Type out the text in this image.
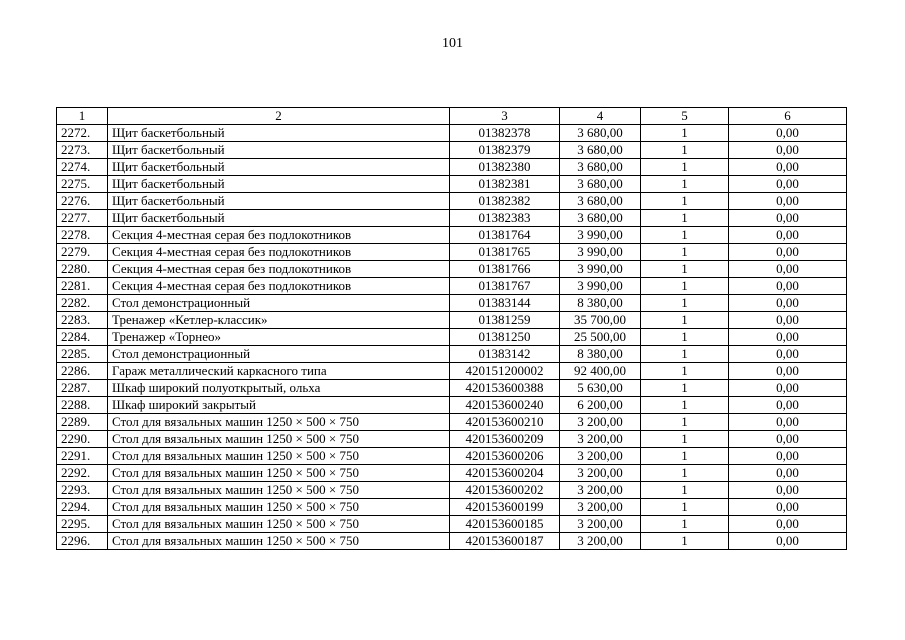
101
1	2	3	4	5	6
2272.	Щит баскетбольный	01382378	3 680,00	1	0,00
2273.	Щит баскетбольный	01382379	3 680,00	1	0,00
2274.	Щит баскетбольный	01382380	3 680,00	1	0,00
2275.	Щит баскетбольный	01382381	3 680,00	1	0,00
2276.	Щит баскетбольный	01382382	3 680,00	1	0,00
2277.	Щит баскетбольный	01382383	3 680,00	1	0,00
2278.	Секция 4-местная серая без подлокотников	01381764	3 990,00	1	0,00
2279.	Секция 4-местная серая без подлокотников	01381765	3 990,00	1	0,00
2280.	Секция 4-местная серая без подлокотников	01381766	3 990,00	1	0,00
2281.	Секция 4-местная серая без подлокотников	01381767	3 990,00	1	0,00
2282.	Стол демонстрационный	01383144	8 380,00	1	0,00
2283.	Тренажер «Кетлер-классик»	01381259	35 700,00	1	0,00
2284.	Тренажер «Торнео»	01381250	25 500,00	1	0,00
2285.	Стол демонстрационный	01383142	8 380,00	1	0,00
2286.	Гараж металлический каркасного типа	420151200002	92 400,00	1	0,00
2287.	Шкаф широкий полуоткрытый, ольха	420153600388	5 630,00	1	0,00
2288.	Шкаф широкий закрытый	420153600240	6 200,00	1	0,00
2289.	Стол для вязальных машин 1250 × 500 × 750	420153600210	3 200,00	1	0,00
2290.	Стол для вязальных машин 1250 × 500 × 750	420153600209	3 200,00	1	0,00
2291.	Стол для вязальных машин 1250 × 500 × 750	420153600206	3 200,00	1	0,00
2292.	Стол для вязальных машин 1250 × 500 × 750	420153600204	3 200,00	1	0,00
2293.	Стол для вязальных машин 1250 × 500 × 750	420153600202	3 200,00	1	0,00
2294.	Стол для вязальных машин 1250 × 500 × 750	420153600199	3 200,00	1	0,00
2295.	Стол для вязальных машин 1250 × 500 × 750	420153600185	3 200,00	1	0,00
2296.	Стол для вязальных машин 1250 × 500 × 750	420153600187	3 200,00	1	0,00
